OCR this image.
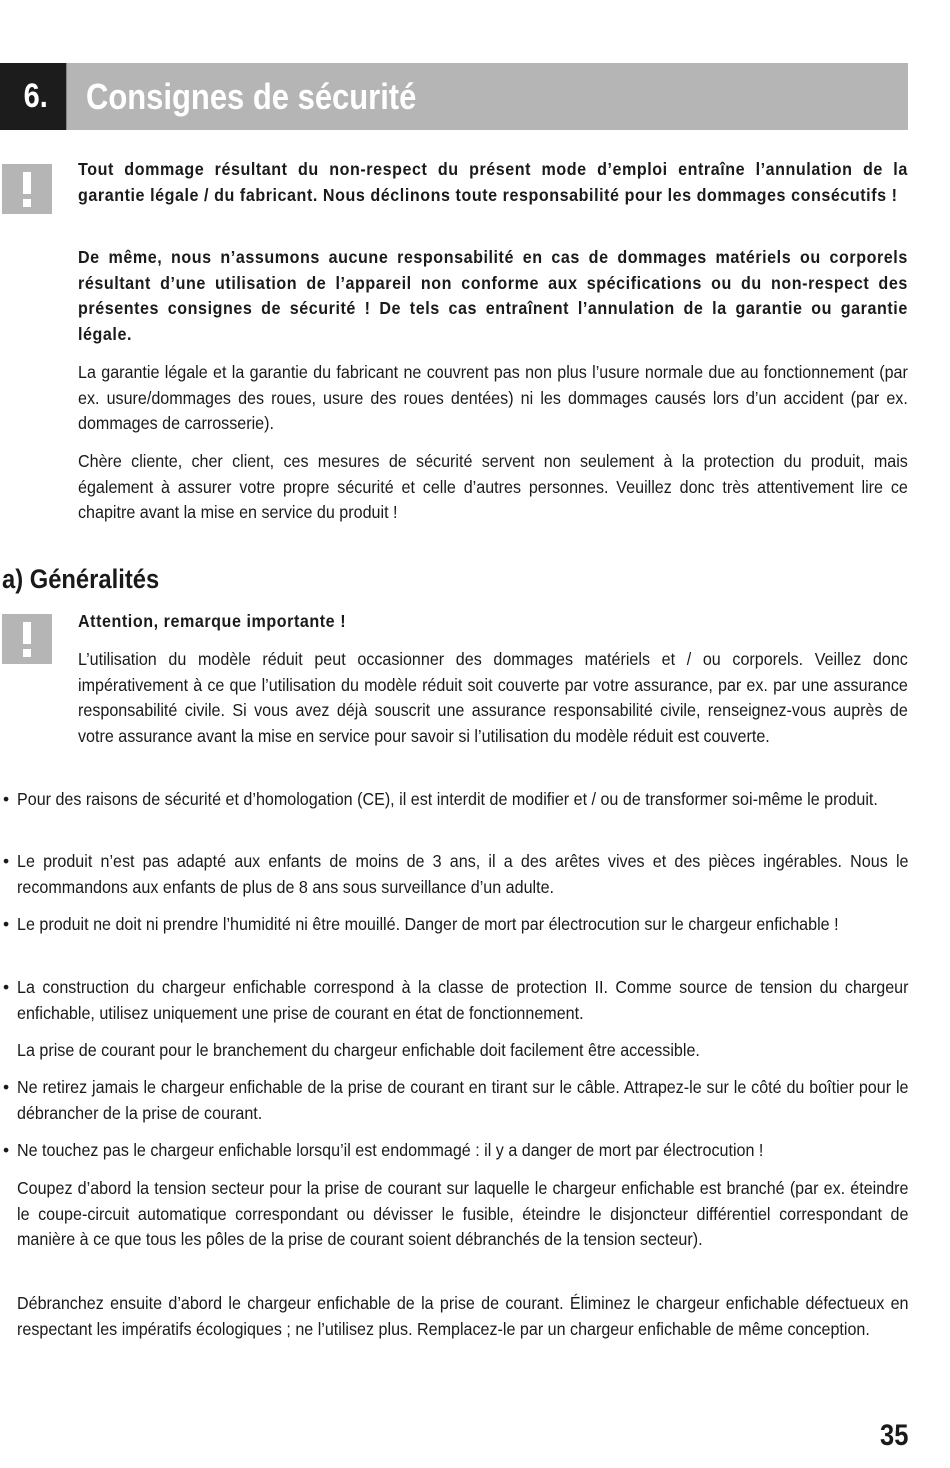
6.	Consignes de sécurité
Tout dommage résultant du non-respect du présent mode d’emploi entraîne l’annulation de la garantie légale / du fabricant. Nous déclinons toute responsabilité pour les dommages consécutifs !
De même, nous n’assumons aucune responsabilité en cas de dommages matériels ou corporels résultant d’une utilisation de l’appareil non conforme aux spécifications ou du non-respect des présentes consignes de sécurité ! De tels cas entraînent l’annulation de la garantie ou garantie légale.
La garantie légale et la garantie du fabricant ne couvrent pas non plus l’usure normale due au fonctionnement (par ex. usure/dommages des roues, usure des roues dentées) ni les dommages causés lors d’un accident (par ex. dommages de carrosserie).
Chère cliente, cher client, ces mesures de sécurité servent non seulement à la protection du produit, mais également à assurer votre propre sécurité et celle d’autres personnes. Veuillez donc très attentivement lire ce chapitre avant la mise en service du produit !
a) Généralités
Attention, remarque importante !
L’utilisation du modèle réduit peut occasionner des dommages matériels et / ou corporels. Veillez donc impérativement à ce que l’utilisation du modèle réduit soit couverte par votre assurance, par ex. par une assurance responsabilité civile. Si vous avez déjà souscrit une assurance responsabilité civile, renseignez-vous auprès de votre assurance avant la mise en service pour savoir si l’utilisation du modèle réduit est couverte.
• Pour des raisons de sécurité et d’homologation (CE), il est interdit de modifier et / ou de transformer soi-même le produit.
• Le produit n’est pas adapté aux enfants de moins de 3 ans, il a des arêtes vives et des pièces ingérables. Nous le recommandons aux enfants de plus de 8 ans sous surveillance d’un adulte.
• Le produit ne doit ni prendre l’humidité ni être mouillé. Danger de mort par électrocution sur le chargeur enfichable !
• La construction du chargeur enfichable correspond à la classe de protection II. Comme source de tension du chargeur enfichable, utilisez uniquement une prise de courant en état de fonctionnement.
La prise de courant pour le branchement du chargeur enfichable doit facilement être accessible.
• Ne retirez jamais le chargeur enfichable de la prise de courant en tirant sur le câble. Attrapez-le sur le côté du boîtier pour le débrancher de la prise de courant.
• Ne touchez pas le chargeur enfichable lorsqu’il est endommagé : il y a danger de mort par électrocution !
Coupez d’abord la tension secteur pour la prise de courant sur laquelle le chargeur enfichable est branché (par ex. éteindre le coupe-circuit automatique correspondant ou dévisser le fusible, éteindre le disjoncteur différentiel correspondant de manière à ce que tous les pôles de la prise de courant soient débranchés de la tension secteur).
Débranchez ensuite d’abord le chargeur enfichable de la prise de courant. Éliminez le chargeur enfichable défectueux en respectant les impératifs écologiques ; ne l’utilisez plus. Remplacez-le par un chargeur enfichable de même conception.
35
